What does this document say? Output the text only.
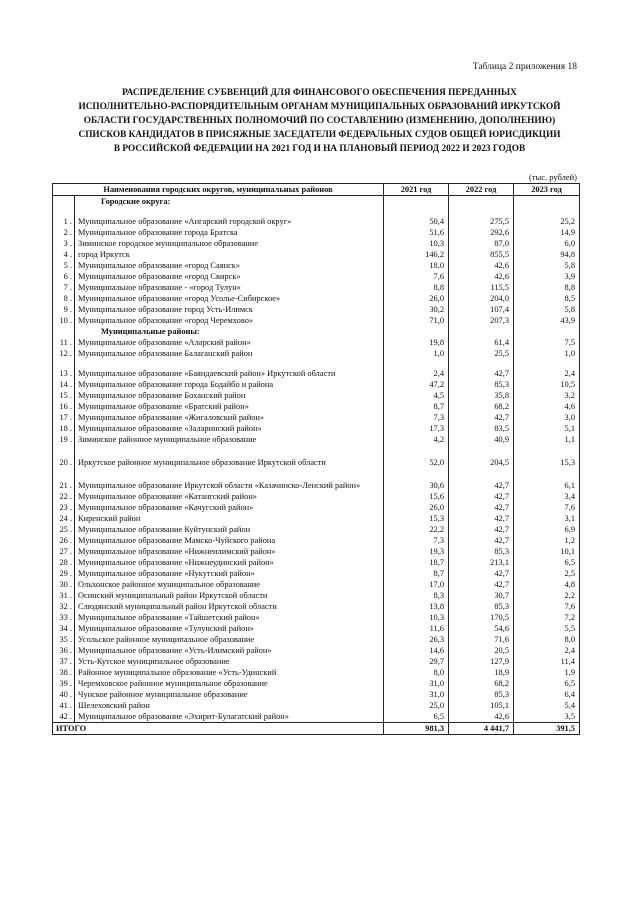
Таблица 2 приложения 18
РАСПРЕДЕЛЕНИЕ СУБВЕНЦИЙ ДЛЯ ФИНАНСОВОГО ОБЕСПЕЧЕНИЯ ПЕРЕДАННЫХ
ИСПОЛНИТЕЛЬНО-РАСПОРЯДИТЕЛЬНЫМ ОРГАНАМ МУНИЦИПАЛЬНЫХ ОБРАЗОВАНИЙ ИРКУТСКОЙ
ОБЛАСТИ ГОСУДАРСТВЕННЫХ ПОЛНОМОЧИЙ ПО СОСТАВЛЕНИЮ (ИЗМЕНЕНИЮ, ДОПОЛНЕНИЮ)
СПИСКОВ КАНДИДАТОВ В ПРИСЯЖНЫЕ ЗАСЕДАТЕЛИ ФЕДЕРАЛЬНЫХ СУДОВ ОБЩЕЙ ЮРИСДИКЦИИ
В РОССИЙСКОЙ ФЕДЕРАЦИИ НА 2021 ГОД И НА ПЛАНОВЫЙ ПЕРИОД 2022 И 2023 ГОДОВ
(тыс. рублей)
Наименования городских округов, муниципальных районов		2021 год	2022 год	2023 год
	Городские округа:			
1 .	Муниципальное образование «Ангарский городской округ»	50,4	275,5	25,2
2 .	Муниципальное образование города Братска	51,6	292,6	14,9
3 .	Зиминское городское муниципальное образование	10,3	87,0	6,0
4 .	город Иркутск	146,2	855,5	94,8
5 .	Муниципальное образование «город Саянск»	18,0	42,6	5,8
6 .	Муниципальное образование «город Свирск»	7,6	42,6	3,9
7 .	Муниципальное образование - «город Тулун»	8,8	115,5	8,8
8 .	Муниципальное образование «город Усолье-Сибирское»	26,0	204,0	8,5
9 .	Муниципальное образование город Усть-Илимск	30,2	107,4	5,8
10 .	Муниципальное образование «город Черемхово»	71,0	207,3	43,9
	Муниципальные районы:			
11 .	Муниципальное образование «Аларский район»	19,8	61,4	7,5
12 .	Муниципальное образование Балаганский район	1,0	25,5	1,0
13 .	Муниципальное образование «Баяндаевский район» Иркутской области	2,4	42,7	2,4
14 .	Муниципальное образование города Бодайбо и района	47,2	85,3	10,5
15 .	Муниципальное образование Боханский район	4,5	35,8	3,2
16 .	Муниципальное образование «Братский район»	8,7	68,2	4,6
17 .	Муниципальное образование «Жигаловский район»	7,3	42,7	3,0
18 .	Муниципальное образование «Заларинский район»	17,3	83,5	5,1
19 .	Зиминское районное муниципальное образование	4,2	40,9	1,1
20 .	Иркутское районное муниципальное образование Иркутской области	52,0	204,5	15,3
21 .	Муниципальное образование Иркутской области «Казачинско-Ленский район»	30,6	42,7	6,1
22 .	Муниципальное образование «Катангский район»	15,6	42,7	3,4
23 .	Муниципальное образование «Качугский район»	26,0	42,7	7,6
24 .	Киренский район	15,3	42,7	3,1
25 .	Муниципальное образование Куйтунский район	22,2	42,7	6,9
26 .	Муниципальное образование Мамско-Чуйского района	7,3	42,7	1,2
27 .	Муниципальное образование «Нижнеилимский район»	19,3	85,3	10,1
28 .	Муниципальное образование «Нижнеудинский район»	18,7	213,1	6,5
29 .	Муниципальное образование «Нукутский район»	8,7	42,7	2,5
30 .	Ольхонское районное муниципальное образование	17,0	42,7	4,8
31 .	Осинский муниципальный район Иркутской области	8,3	30,7	2,2
32 .	Слюдянский муниципальный район Иркутской области	13,8	85,3	7,6
33 .	Муниципальное образование «Тайшетский район»	10,3	170,5	7,2
34 .	Муниципальное образование «Тулунский район»	11,6	54,6	5,5
35 .	Усольское районное муниципальное образование	26,3	71,6	8,0
36 .	Муниципальное образование «Усть-Илимский район»	14,6	20,5	2,4
37 .	Усть-Кутское муниципальное образование	29,7	127,9	11,4
38 .	Районное муниципальное образование «Усть-Удинский	8,0	18,9	1,9
39 .	Черемховское районное муниципальное образование	31,0	68,2	6,5
40 .	Чунское районное муниципальное образование	31,0	85,3	6,4
41 .	Шелеховский район	25,0	105,1	5,4
42 .	Муниципальное образование «Эхирит-Булагатский район»	6,5	42,6	3,5
ИТОГО		981,3	4 441,7	391,5
